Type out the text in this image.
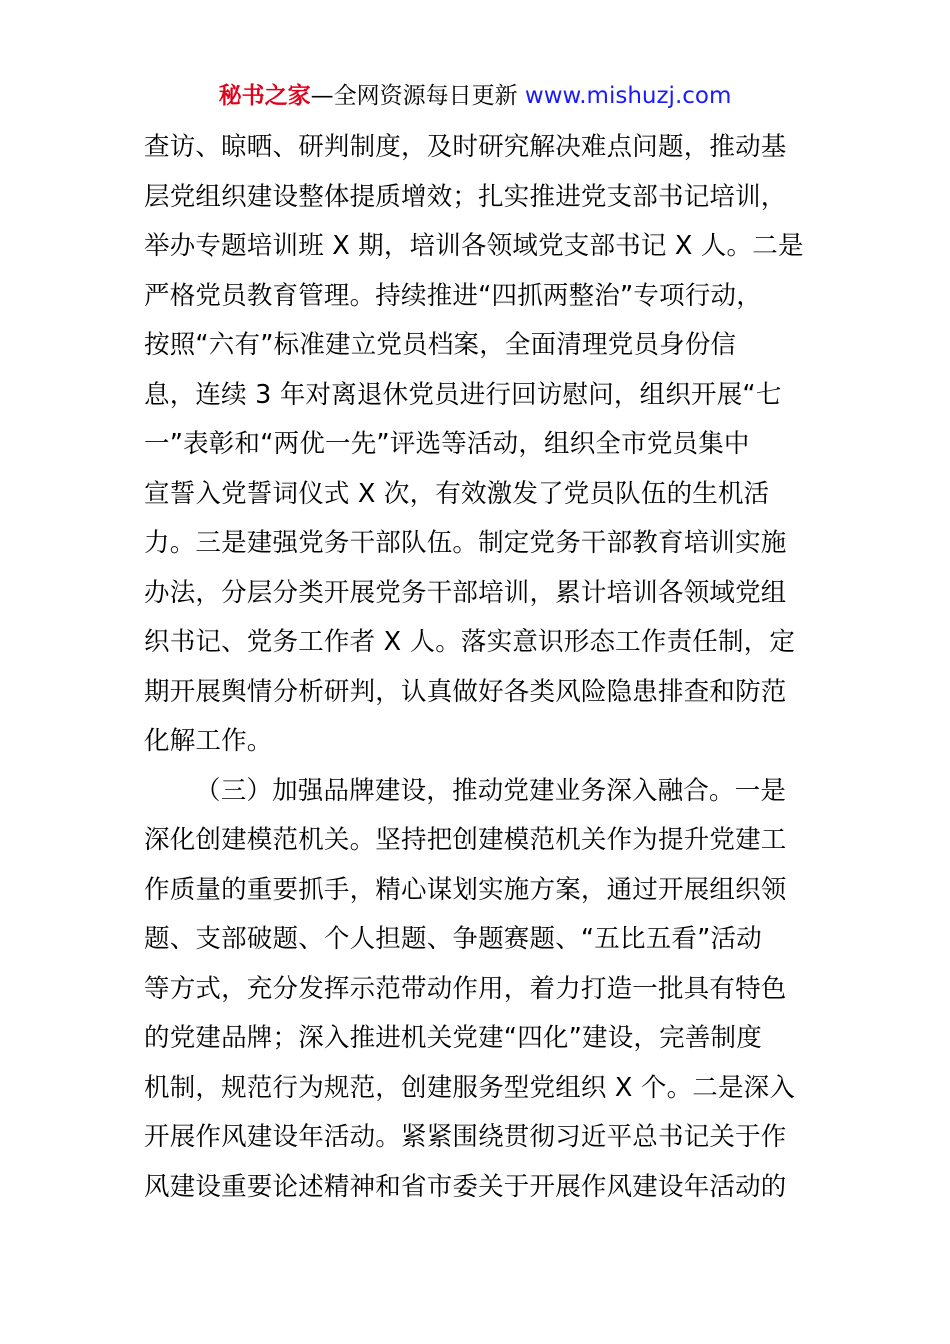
秘书之家—全网资源每日更新 www.mishuzj.com
查访、晾晒、研判制度，及时研究解决难点问题，推动基
层党组织建设整体提质增效；扎实推进党支部书记培训，
举办专题培训班 X 期，培训各领域党支部书记 X 人。二是
严格党员教育管理。持续推进“四抓两整治”专项行动，
按照“六有”标准建立党员档案，全面清理党员身份信
息，连续 3 年对离退休党员进行回访慰问，组织开展“七
一”表彰和“两优一先”评选等活动，组织全市党员集中
宣誓入党誓词仪式 X 次，有效激发了党员队伍的生机活
力。三是建强党务干部队伍。制定党务干部教育培训实施
办法，分层分类开展党务干部培训，累计培训各领域党组
织书记、党务工作者 X 人。落实意识形态工作责任制，定
期开展舆情分析研判，认真做好各类风险隐患排查和防范
化解工作。
（三）加强品牌建设，推动党建业务深入融合。一是
深化创建模范机关。坚持把创建模范机关作为提升党建工
作质量的重要抓手，精心谋划实施方案，通过开展组织领
题、支部破题、个人担题、争题赛题、“五比五看”活动
等方式，充分发挥示范带动作用，着力打造一批具有特色
的党建品牌；深入推进机关党建“四化”建设，完善制度
机制，规范行为规范，创建服务型党组织 X 个。二是深入
开展作风建设年活动。紧紧围绕贯彻习近平总书记关于作
风建设重要论述精神和省市委关于开展作风建设年活动的
